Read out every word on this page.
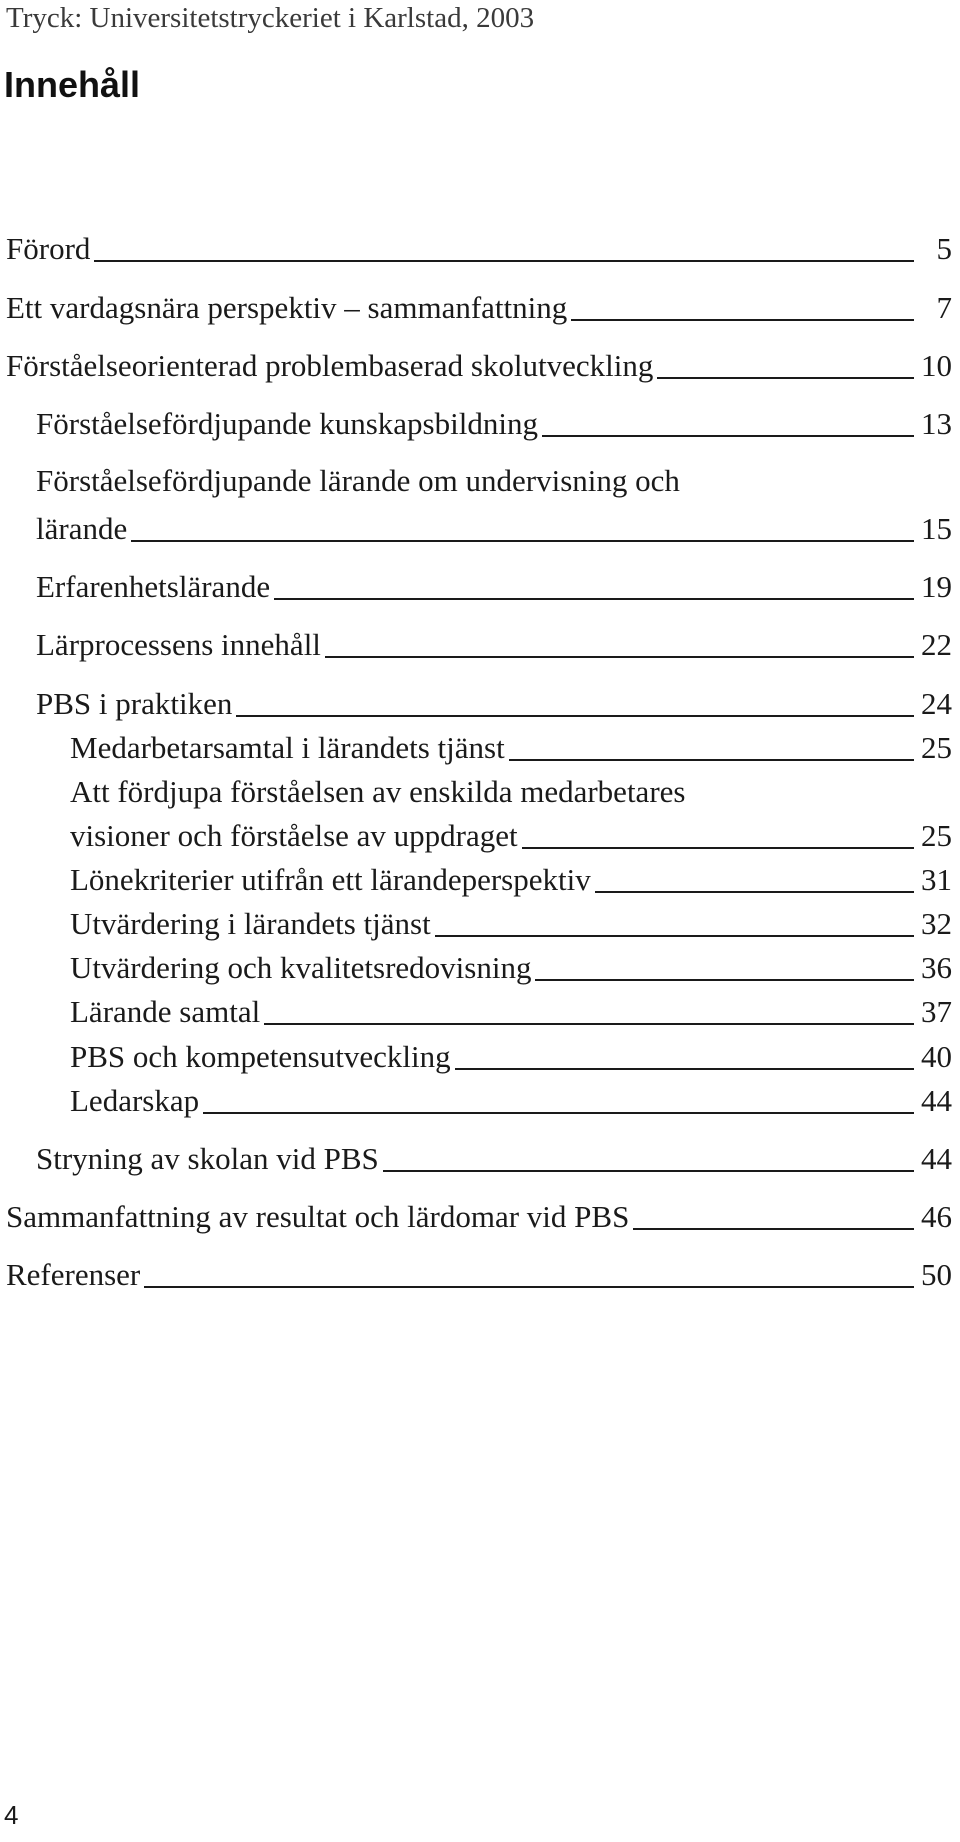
Tryck: Universitetstryckeriet i Karlstad, 2003
Innehåll
Förord	5
Ett vardagsnära perspektiv – sammanfattning	7
Förståelseorienterad problembaserad skolutveckling	10
Förståelsefördjupande kunskapsbildning	13
Förståelsefördjupande lärande om undervisning och
lärande	15
Erfarenhetslärande	19
Lärprocessens innehåll	22
PBS i praktiken	24
Medarbetarsamtal i lärandets tjänst	25
Att fördjupa förståelsen av enskilda medarbetares
visioner och förståelse av uppdraget	25
Lönekriterier utifrån ett lärandeperspektiv	31
Utvärdering i lärandets tjänst	32
Utvärdering och kvalitetsredovisning	36
Lärande samtal	37
PBS och kompetensutveckling	40
Ledarskap	44
Stryning av skolan vid PBS	44
Sammanfattning av resultat och lärdomar vid PBS	46
Referenser	50
4
